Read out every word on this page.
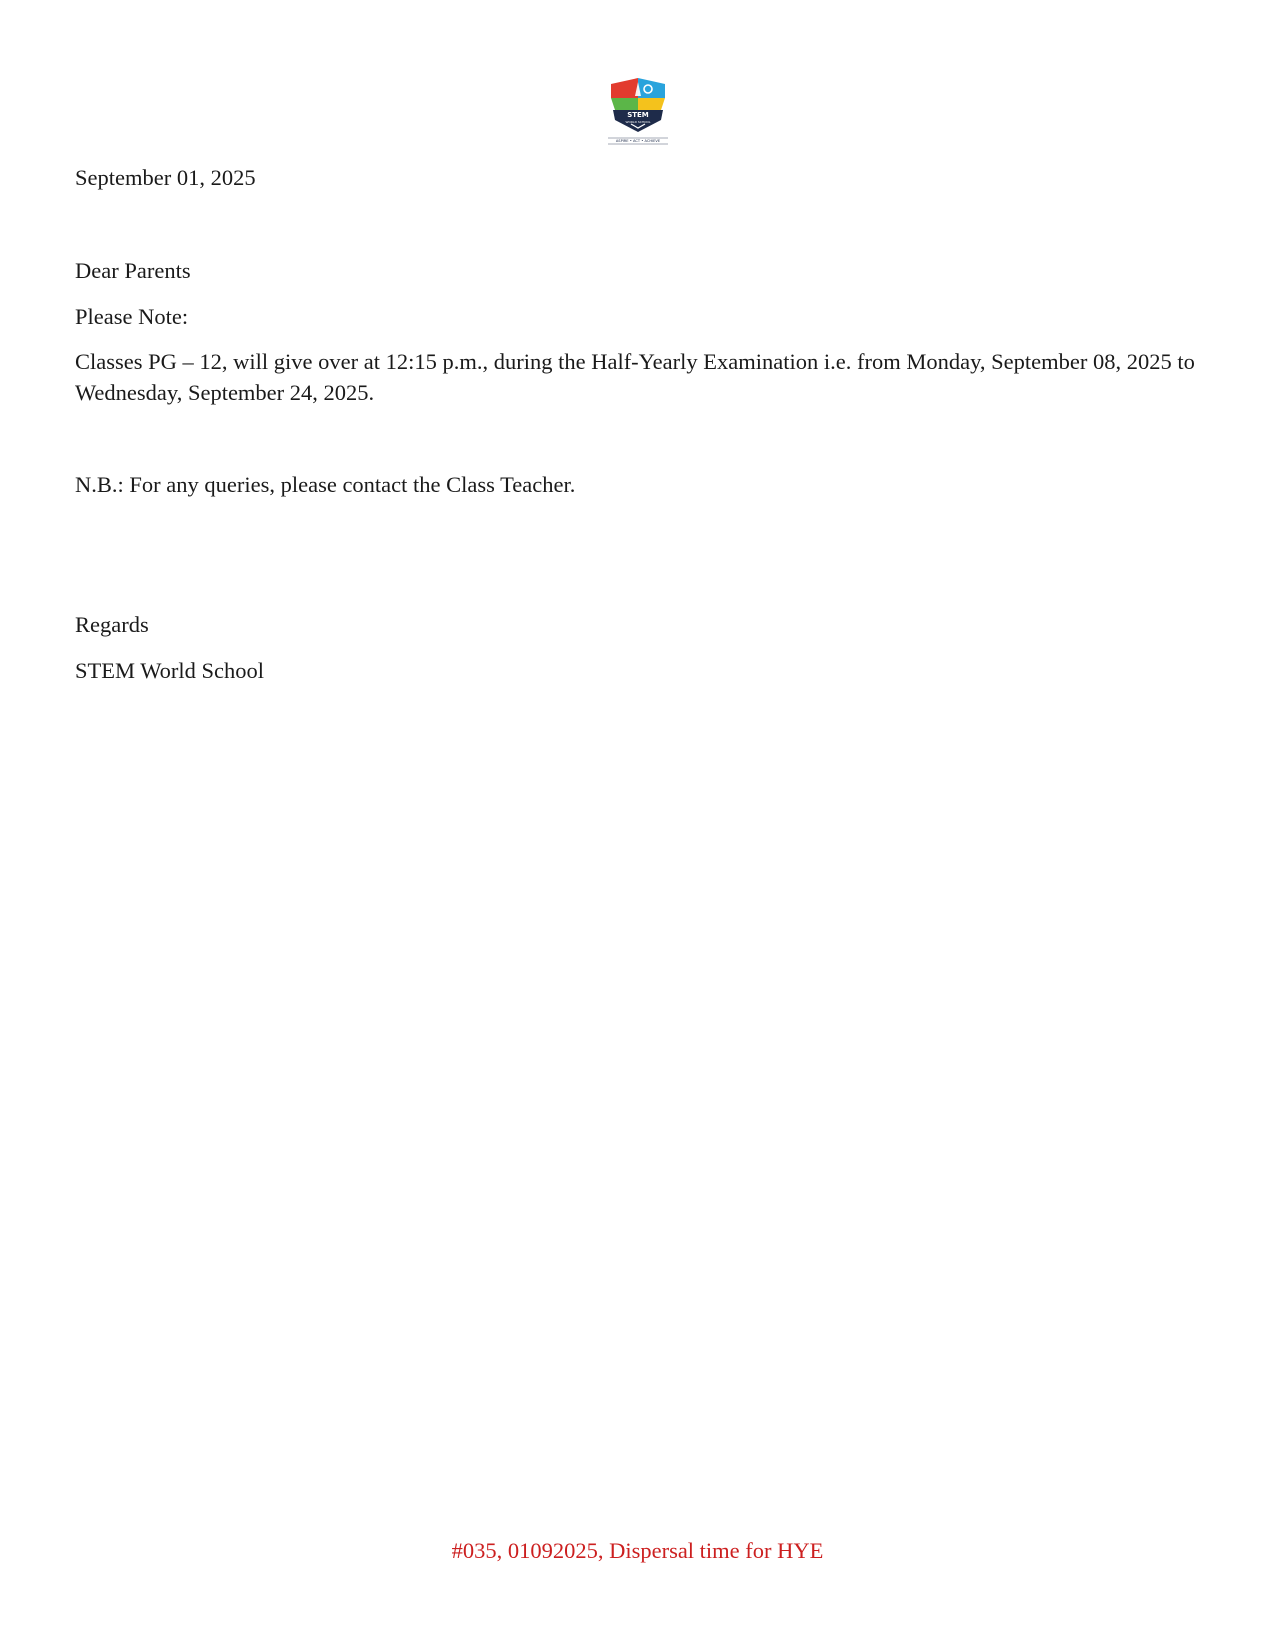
STEM
WORLD SCHOOL
ASPIRE • ACT • ACHIEVE
September 01, 2025
Dear Parents
Please Note:
Classes PG – 12, will give over at 12:15 p.m., during the Half-Yearly Examination i.e. from Monday, September 08, 2025 to Wednesday, September 24, 2025.
N.B.: For any queries, please contact the Class Teacher.
Regards
STEM World School
#035, 01092025, Dispersal time for HYE
